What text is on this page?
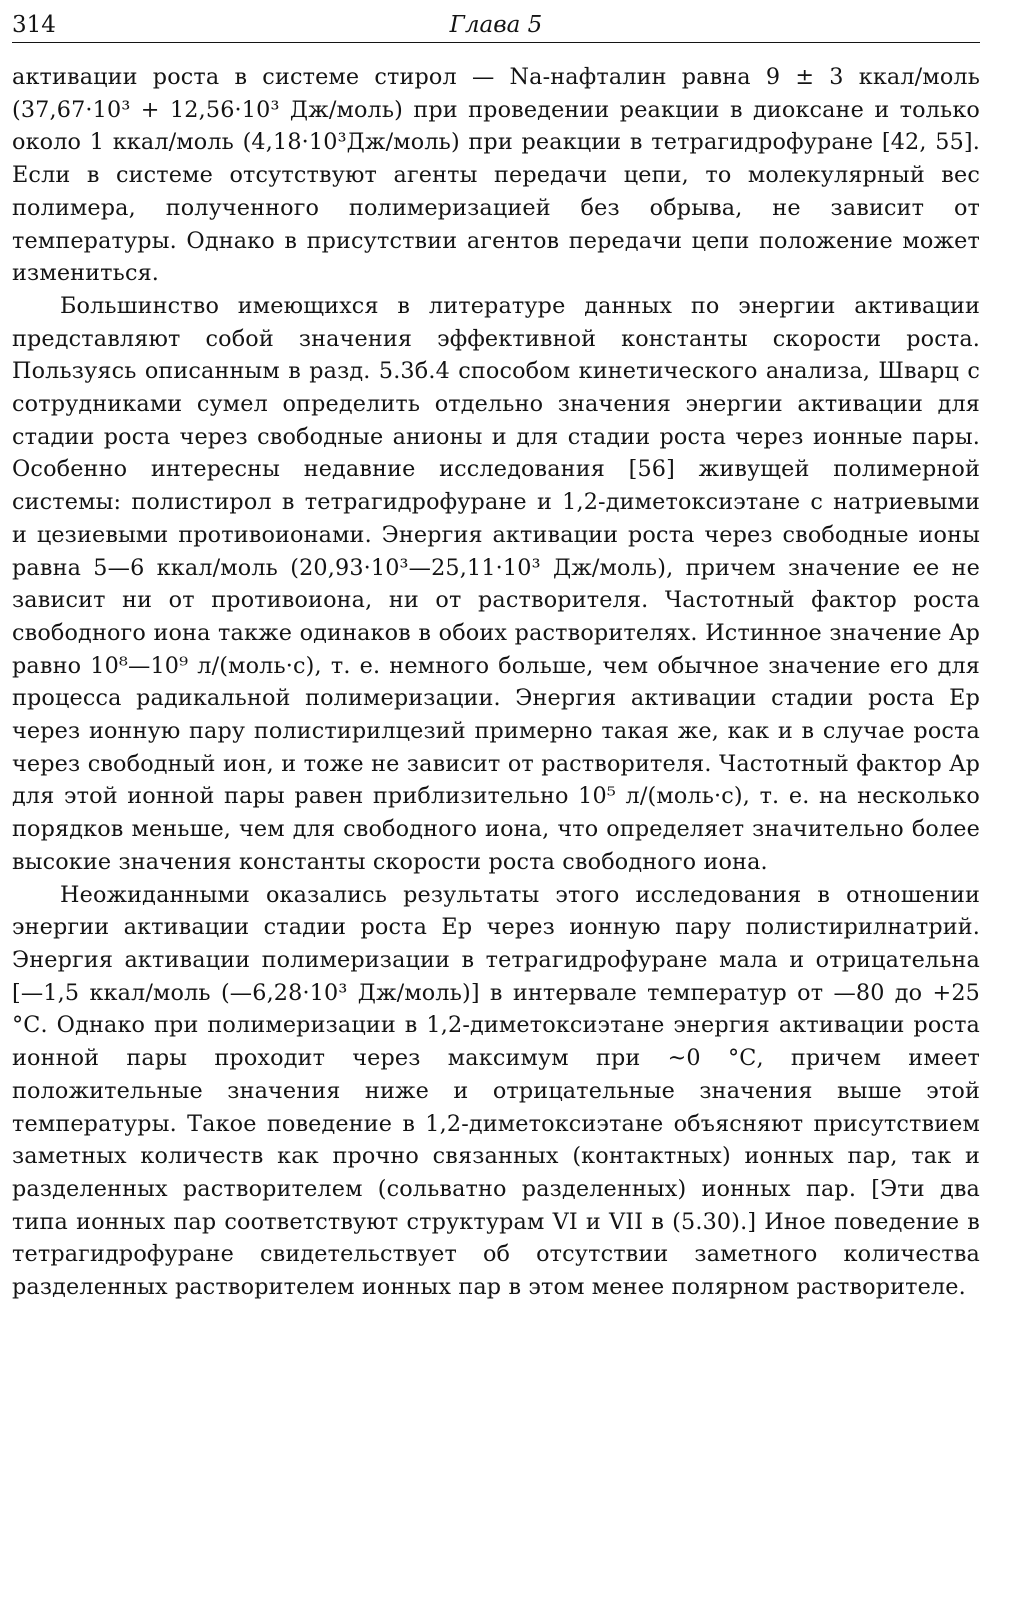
314	Глава 5

активации роста в системе стирол — Na-нафталин равна 9 ± 3 ккал/моль (37,67·10³ + 12,56·10³ Дж/моль) при проведении реакции в диоксане и только около 1 ккал/моль (4,18·10³Дж/моль) при реакции в тетрагидрофуране [42, 55]. Если в системе отсутствуют агенты передачи цепи, то молекулярный вес полимера, полученного полимеризацией без обрыва, не зависит от температуры. Однако в присутствии агентов передачи цепи положение может измениться.

Большинство имеющихся в литературе данных по энергии активации представляют собой значения эффективной константы скорости роста. Пользуясь описанным в разд. 5.3б.4 способом кинетического анализа, Шварц с сотрудниками сумел определить отдельно значения энергии активации для стадии роста через свободные анионы и для стадии роста через ионные пары. Особенно интересны недавние исследования [56] живущей полимерной системы: полистирол в тетрагидрофуране и 1,2-диметоксиэтане с натриевыми и цезиевыми противоионами. Энергия активации роста через свободные ионы равна 5—6 ккал/моль (20,93·10³—25,11·10³ Дж/моль), причем значение ее не зависит ни от противоиона, ни от растворителя. Частотный фактор роста свободного иона также одинаков в обоих растворителях. Истинное значение Aр равно 10⁸—10⁹ л/(моль·с), т. е. немного больше, чем обычное значение его для процесса радикальной полимеризации. Энергия активации стадии роста Eр через ионную пару полистирилцезий примерно такая же, как и в случае роста через свободный ион, и тоже не зависит от растворителя. Частотный фактор Aр для этой ионной пары равен приблизительно 10⁵ л/(моль·с), т. е. на несколько порядков меньше, чем для свободного иона, что определяет значительно более высокие значения константы скорости роста свободного иона.

Неожиданными оказались результаты этого исследования в отношении энергии активации стадии роста Eр через ионную пару полистирилнатрий. Энергия активации полимеризации в тетрагидрофуране мала и отрицательна [—1,5 ккал/моль (—6,28·10³ Дж/моль)] в интервале температур от —80 до +25 °С. Однако при полимеризации в 1,2-диметоксиэтане энергия активации роста ионной пары проходит через максимум при ~0 °С, причем имеет положительные значения ниже и отрицательные значения выше этой температуры. Такое поведение в 1,2-диметоксиэтане объясняют присутствием заметных количеств как прочно связанных (контактных) ионных пар, так и разделенных растворителем (сольватно разделенных) ионных пар. [Эти два типа ионных пар соответствуют структурам VI и VII в (5.30).] Иное поведение в тетрагидрофуране свидетельствует об отсутствии заметного количества разделенных растворителем ионных пар в этом менее полярном растворителе.
